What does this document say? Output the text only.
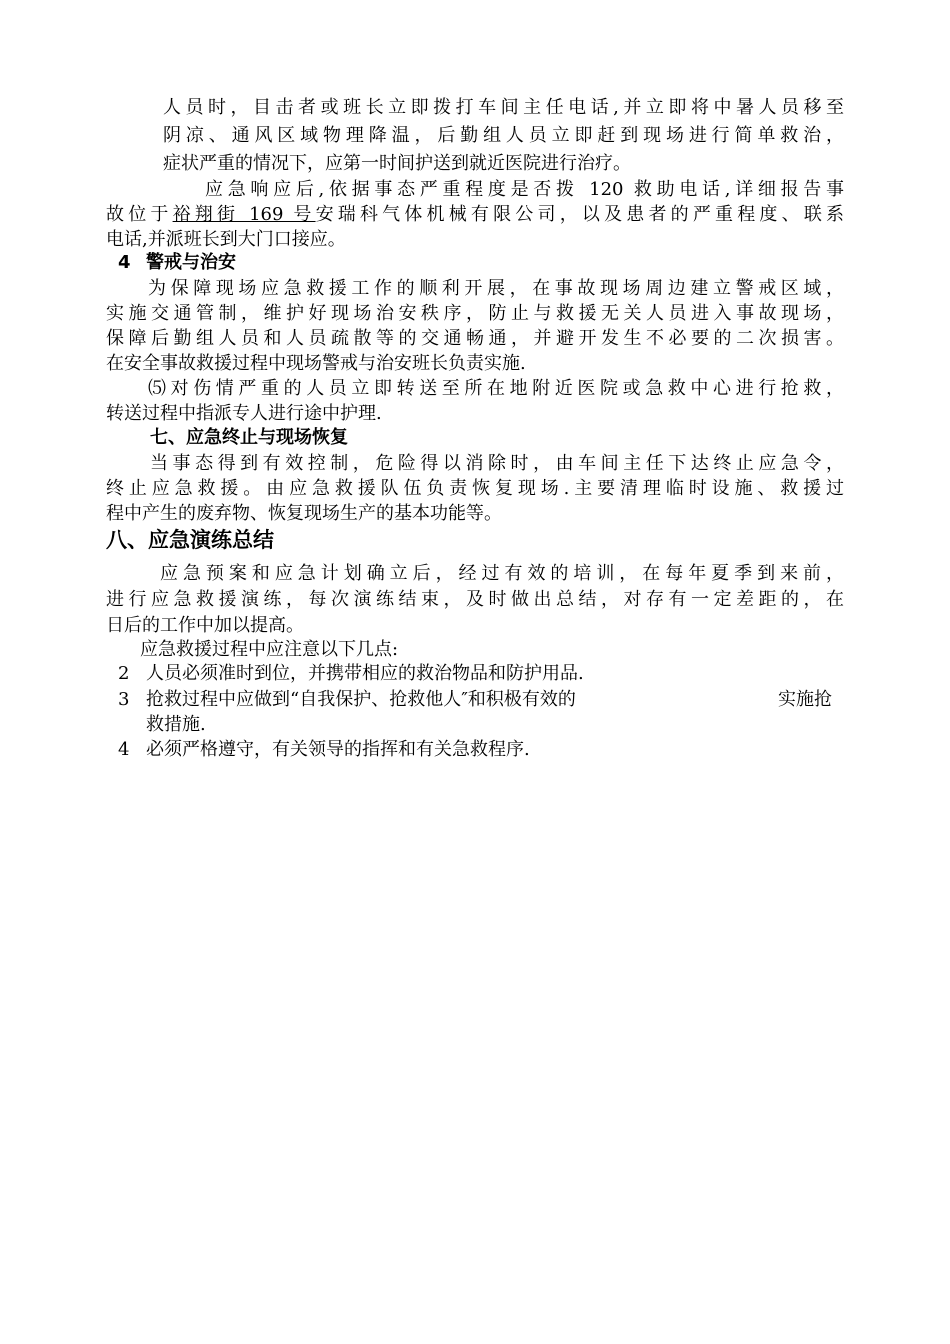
人员时，目击者或班长立即拨打车间主任电话,并立即将中暑人员移至
阴凉、通风区域物理降温，后勤组人员立即赶到现场进行简单救治，
症状严重的情况下，应第一时间护送到就近医院进行治疗。
应急响应后,依据事态严重程度是否拨 120 救助电话,详细报告事
故位于裕翔街 169 号安瑞科气体机械有限公司，以及患者的严重程度、联系
电话,并派班长到大门口接应。
4 警戒与治安
为保障现场应急救援工作的顺利开展，在事故现场周边建立警戒区域，
实施交通管制，维护好现场治安秩序，防止与救援无关人员进入事故现场，
保障后勤组人员和人员疏散等的交通畅通，并避开发生不必要的二次损害。
在安全事故救援过程中现场警戒与治安班长负责实施.
⑸对伤情严重的人员立即转送至所在地附近医院或急救中心进行抢救，
转送过程中指派专人进行途中护理.
七、应急终止与现场恢复
当事态得到有效控制，危险得以消除时，由车间主任下达终止应急令，
终止应急救援。由应急救援队伍负责恢复现场.主要清理临时设施、救援过
程中产生的废弃物、恢复现场生产的基本功能等。
八、应急演练总结
应急预案和应急计划确立后，经过有效的培训，在每年夏季到来前，
进行应急救援演练，每次演练结束，及时做出总结，对存有一定差距的，在
日后的工作中加以提高。
应急救援过程中应注意以下几点:
2 人员必须准时到位，并携带相应的救治物品和防护用品.
3 抢救过程中应做到“自我保护、抢救他人″和积极有效的	实施抢
救措施.
4 必须严格遵守，有关领导的指挥和有关急救程序.
